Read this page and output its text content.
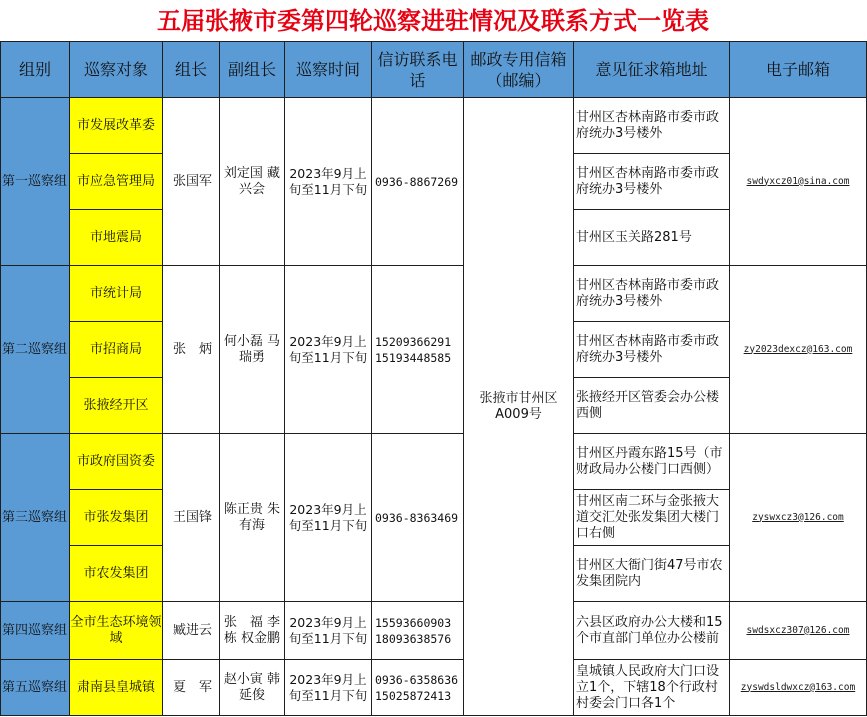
五届张掖市委第四轮巡察进驻情况及联系方式一览表
组别	巡察对象	组长	副组长	巡察时间	信访联系电话	邮政专用信箱（邮编）	意见征求箱地址	电子邮箱
第一巡察组	市发展改革委	张国军	刘定国 藏兴会	2023年9月上旬至11月下旬	0936-8867269	张掖市甘州区A009号	甘州区杏林南路市委市政府统办3号楼外	swdyxcz01@sina.com
	市应急管理局						甘州区杏林南路市委市政府统办3号楼外	
	市地震局						甘州区玉关路281号	
第二巡察组	市统计局	张　炳	何小磊 马瑞勇	2023年9月上旬至11月下旬	15209366291 15193448585		甘州区杏林南路市委市政府统办3号楼外	zy2023dexcz@163.com
	市招商局						甘州区杏林南路市委市政府统办3号楼外	
	张掖经开区						张掖经开区管委会办公楼西侧	
第三巡察组	市政府国资委	王国锋	陈正贵 朱有海	2023年9月上旬至11月下旬	0936-8363469		甘州区丹霞东路15号（市财政局办公楼门口西侧）	zyswxcz3@126.com
	市张发集团						甘州区南二环与金张掖大道交汇处张发集团大楼门口右侧	
	市农发集团						甘州区大衙门街47号市农发集团院内	
第四巡察组	全市生态环境领域	臧进云	张　福 李　栋 权金鹏	2023年9月上旬至11月下旬	15593660903 18093638576		六县区政府办公大楼和15个市直部门单位办公楼前	swdsxcz307@126.com
第五巡察组	肃南县皇城镇	夏　军	赵小寅 韩延俊	2023年9月上旬至11月下旬	0936-6358636 15025872413		皇城镇人民政府大门口设立1个，下辖18个行政村村委会门口各1个	zyswdsldwxcz@163.com
